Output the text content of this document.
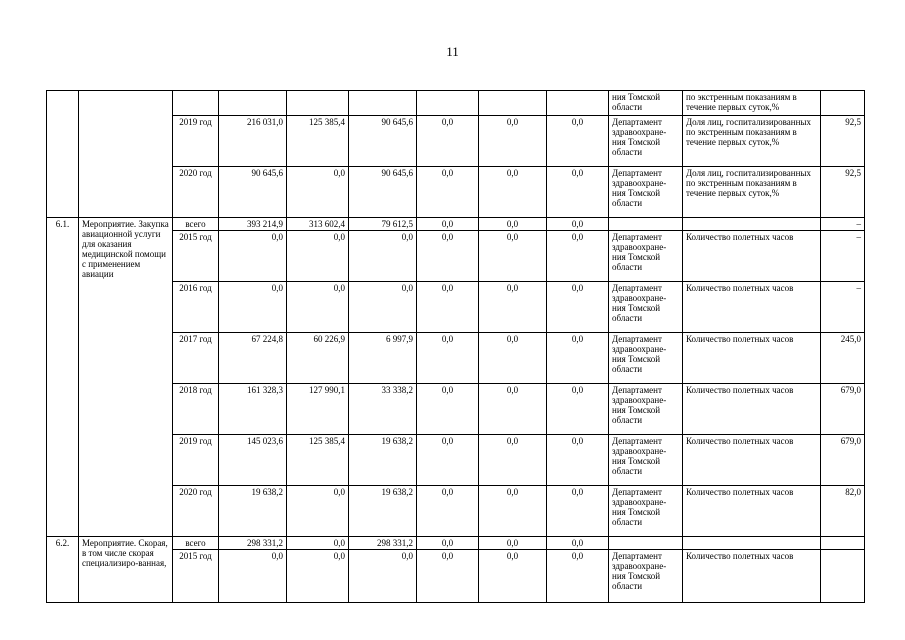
11
									ния Томской области	по экстренным показаниям в течение первых суток,%	
		2019 год	216 031,0	125 385,4	90 645,6	0,0	0,0	0,0	Департамент здравоохране-ния Томской области	Доля лиц, госпитализированных по экстренным показаниям в течение первых суток,%	92,5
		2020 год	90 645,6	0,0	90 645,6	0,0	0,0	0,0	Департамент здравоохране-ния Томской области	Доля лиц, госпитализированных по экстренным показаниям в течение первых суток,%	92,5
6.1.	Мероприятие. Закупка авиационной услуги для оказания медицинской помощи с применением авиации	всего	393 214,9	313 602,4	79 612,5	0,0	0,0	0,0			–
		2015 год	0,0	0,0	0,0	0,0	0,0	0,0	Департамент здравоохране-ния Томской области	Количество полетных часов	–
		2016 год	0,0	0,0	0,0	0,0	0,0	0,0	Департамент здравоохране-ния Томской области	Количество полетных часов	–
		2017 год	67 224,8	60 226,9	6 997,9	0,0	0,0	0,0	Департамент здравоохране-ния Томской области	Количество полетных часов	245,0
		2018 год	161 328,3	127 990,1	33 338,2	0,0	0,0	0,0	Департамент здравоохране-ния Томской области	Количество полетных часов	679,0
		2019 год	145 023,6	125 385,4	19 638,2	0,0	0,0	0,0	Департамент здравоохране-ния Томской области	Количество полетных часов	679,0
		2020 год	19 638,2	0,0	19 638,2	0,0	0,0	0,0	Департамент здравоохране-ния Томской области	Количество полетных часов	82,0
6.2.	Мероприятие. Скорая, в том числе скорая специализиро-ванная,	всего	298 331,2	0,0	298 331,2	0,0	0,0	0,0			
		2015 год	0,0	0,0	0,0	0,0	0,0	0,0	Департамент здравоохране-ния Томской области	Количество полетных часов	
